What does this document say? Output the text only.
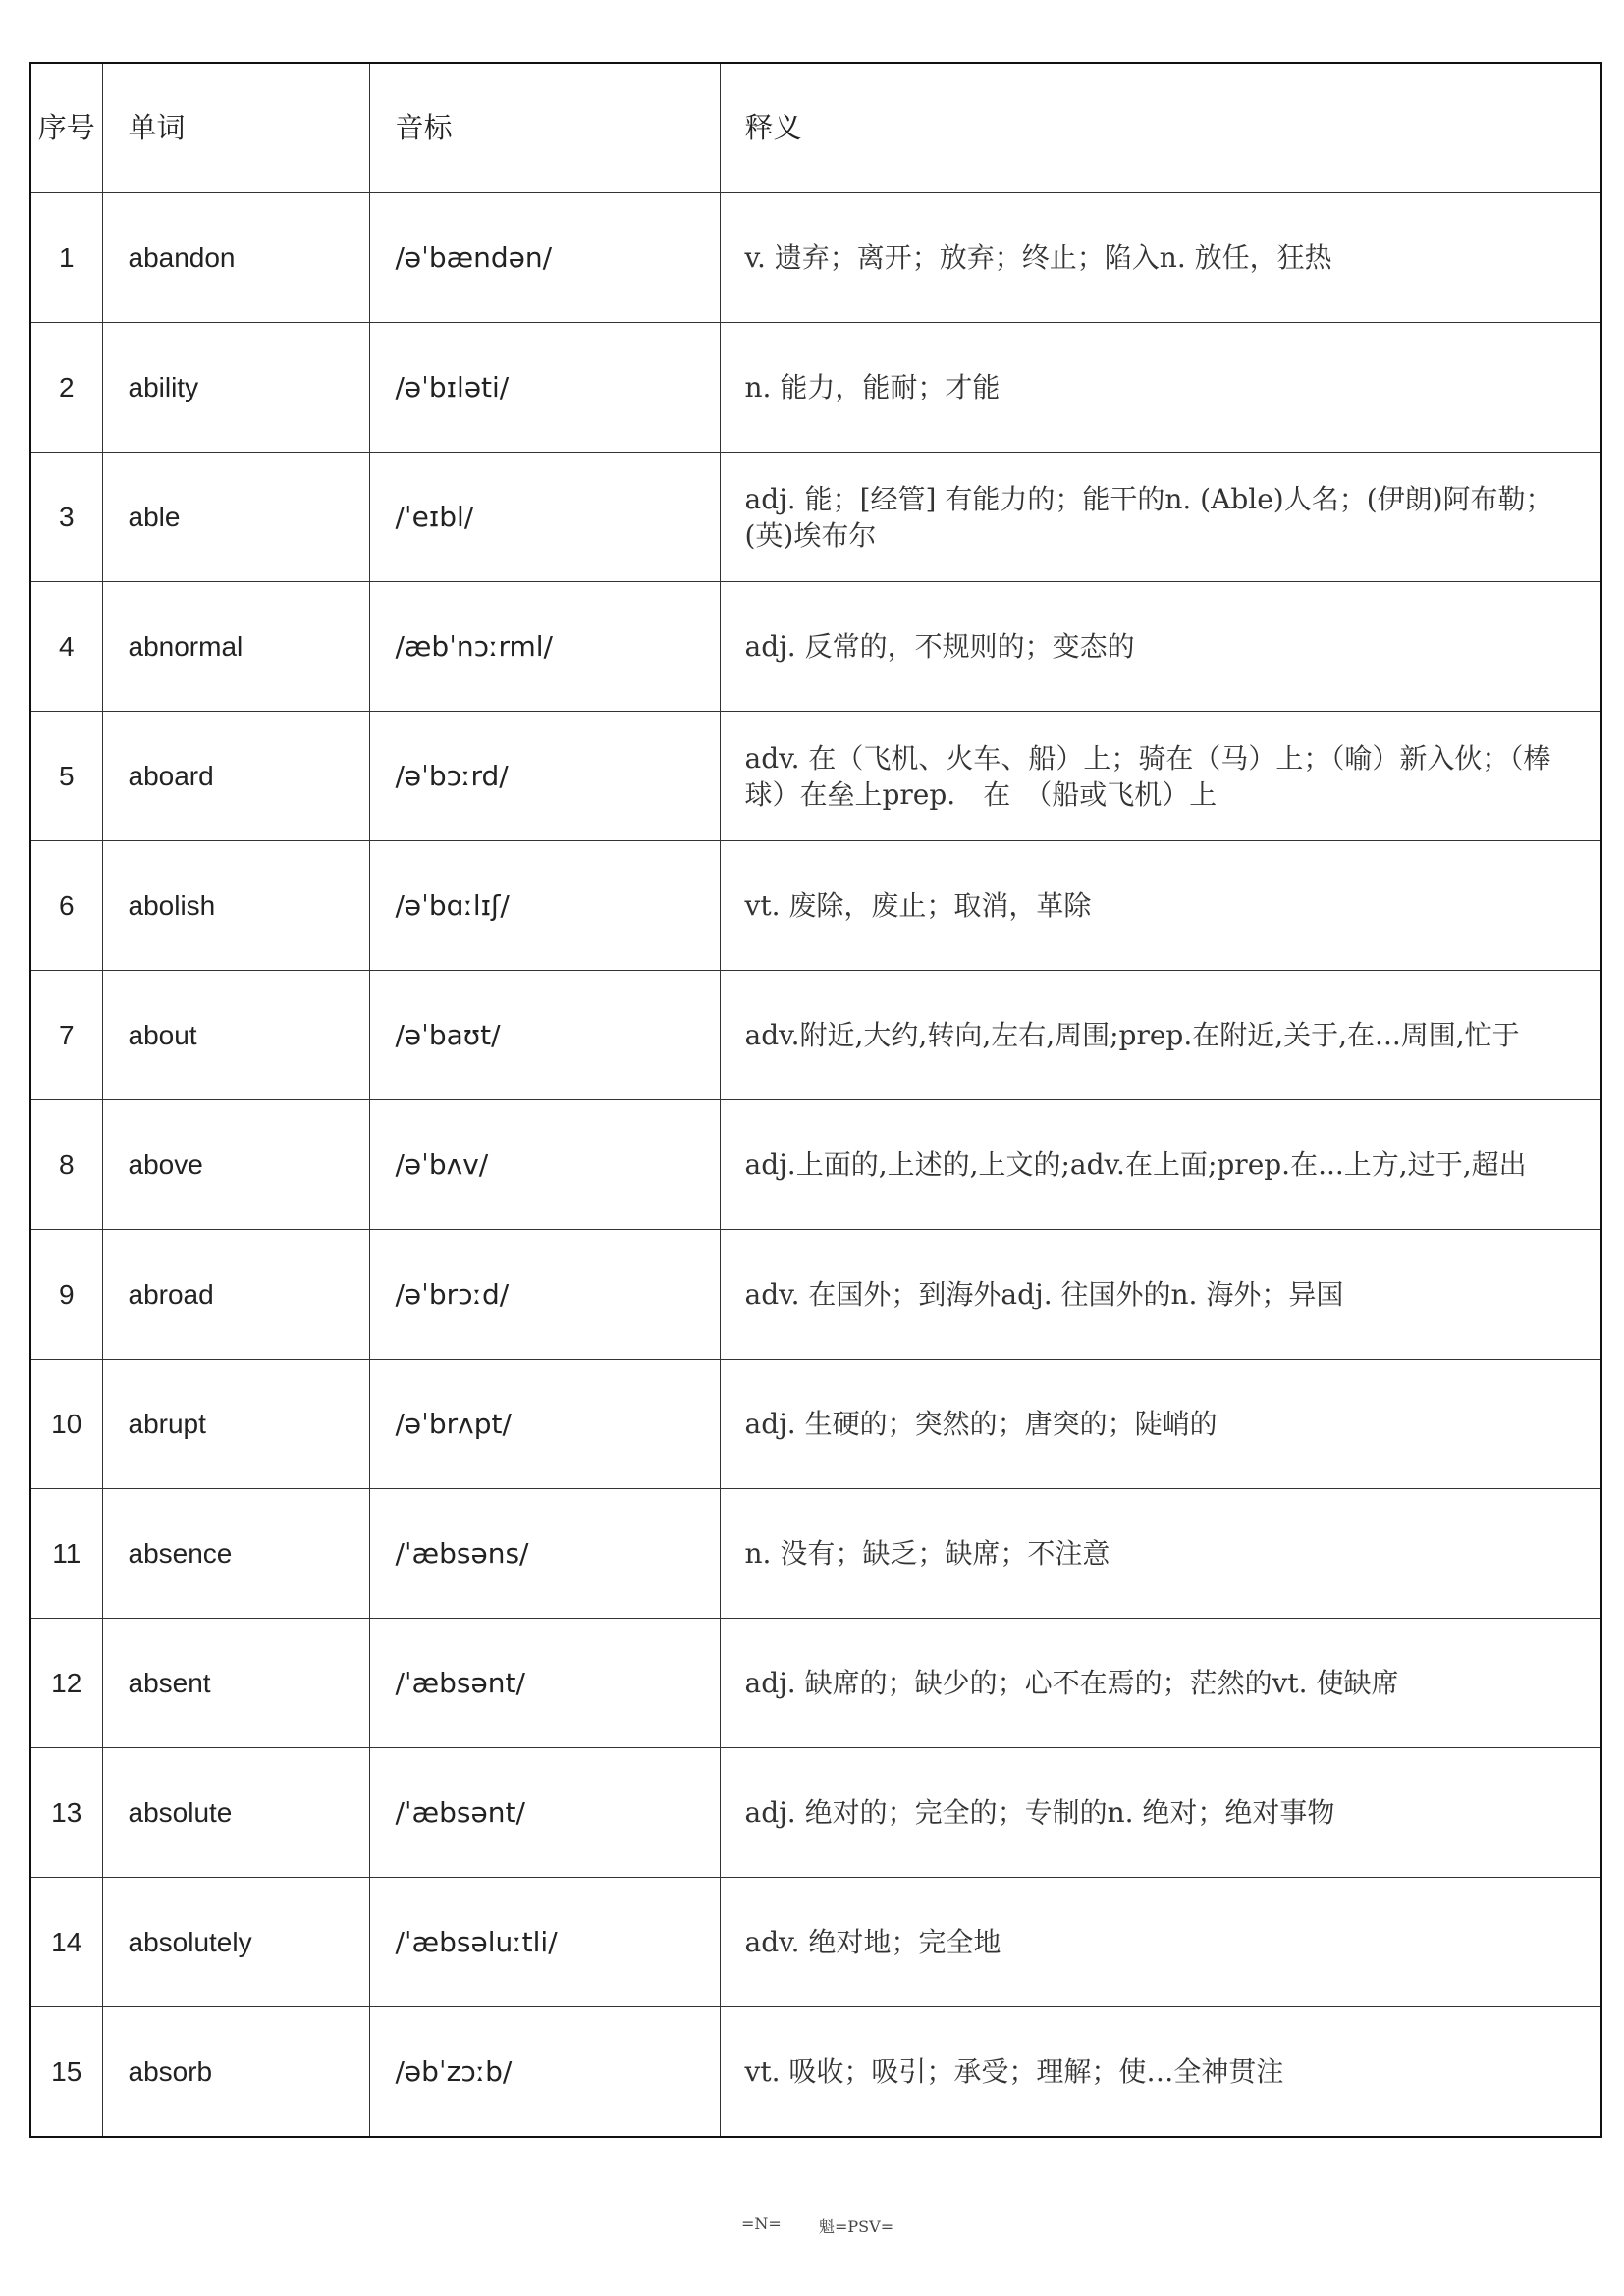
序号	单词	音标	释义
1	abandon	/əˈbændən/	v. 遗弃；离开；放弃；终止；陷入n. 放任，狂热
2	ability	/əˈbɪləti/	n. 能力，能耐；才能
3	able	/ˈeɪbl/	adj. 能；[经管] 有能力的；能干的n. (Able)人名；(伊朗)阿布勒；(英)埃布尔
4	abnormal	/æbˈnɔːrml/	adj. 反常的，不规则的；变态的
5	aboard	/əˈbɔːrd/	adv. 在（飞机、火车、船）上；骑在（马）上；（喻）新入伙；（棒球）在垒上prep.　在　（船或飞机）上
6	abolish	/əˈbɑːlɪʃ/	vt. 废除，废止；取消，革除
7	about	/əˈbaʊt/	adv.附近,大约,转向,左右,周围;prep.在附近,关于,在...周围,忙于
8	above	/əˈbʌv/	adj.上面的,上述的,上文的;adv.在上面;prep.在...上方,过于,超出
9	abroad	/əˈbrɔːd/	adv. 在国外；到海外adj. 往国外的n. 海外；异国
10	abrupt	/əˈbrʌpt/	adj. 生硬的；突然的；唐突的；陡峭的
11	absence	/ˈæbsəns/	n. 没有；缺乏；缺席；不注意
12	absent	/ˈæbsənt/	adj. 缺席的；缺少的；心不在焉的；茫然的vt. 使缺席
13	absolute	/ˈæbsənt/	adj. 绝对的；完全的；专制的n. 绝对；绝对事物
14	absolutely	/ˈæbsəluːtli/	adv. 绝对地；完全地
15	absorb	/əbˈzɔːb/	vt. 吸收；吸引；承受；理解；使…全神贯注
=N= 魁=PSV=
